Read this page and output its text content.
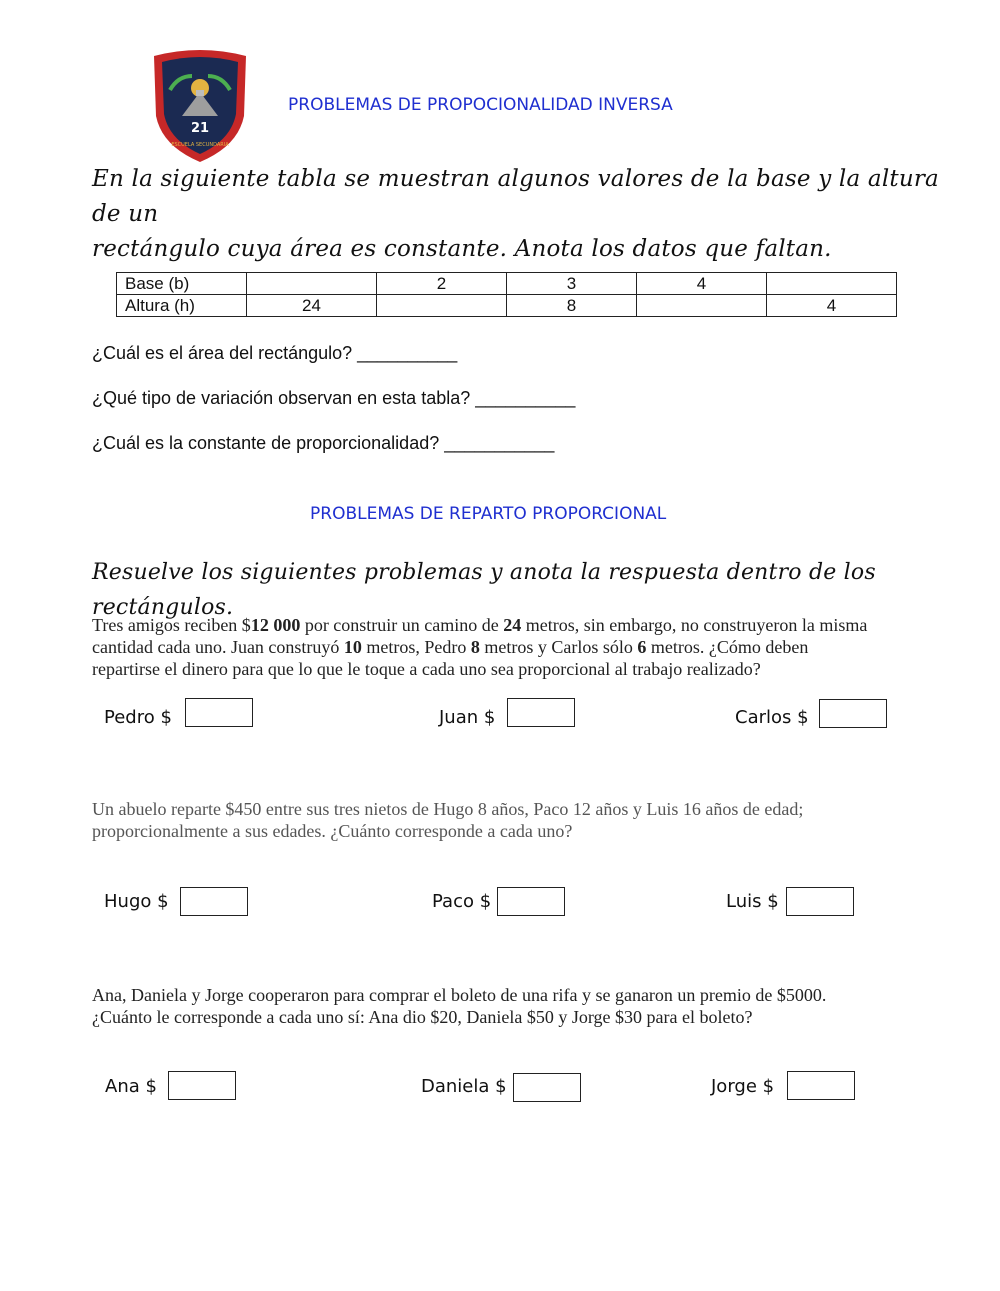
21
ESCUELA SECUNDARIA
PROBLEMAS DE PROPOCIONALIDAD INVERSA
En la siguiente tabla se muestran algunos valores de la base y la altura de un
rectángulo cuya área es constante. Anota los datos que faltan.
Base (b)		2	3	4	
Altura (h)	24		8		4
¿Cuál es el área del rectángulo? __________
¿Qué tipo de variación observan en esta tabla? __________
¿Cuál es la constante de proporcionalidad? ___________
PROBLEMAS DE REPARTO PROPORCIONAL
Resuelve los siguientes problemas y anota la respuesta dentro de los rectángulos.
Tres amigos reciben $12 000 por construir un camino de 24 metros, sin embargo, no construyeron la misma
cantidad cada uno. Juan construyó 10 metros, Pedro 8 metros y Carlos sólo 6 metros. ¿Cómo deben
repartirse el dinero para que lo que le toque a cada uno sea proporcional al trabajo realizado?
Pedro $	Juan $	Carlos $
Un abuelo reparte $450 entre sus tres nietos de Hugo 8 años, Paco 12 años y Luis 16 años de edad;
proporcionalmente a sus edades. ¿Cuánto corresponde a cada uno?
Hugo $	Paco $	Luis $
Ana, Daniela y Jorge cooperaron para comprar el boleto de una rifa y se ganaron un premio de $5000.
¿Cuánto le corresponde a cada uno sí: Ana dio $20, Daniela $50 y Jorge $30 para el boleto?
Ana $	Daniela $	Jorge $
